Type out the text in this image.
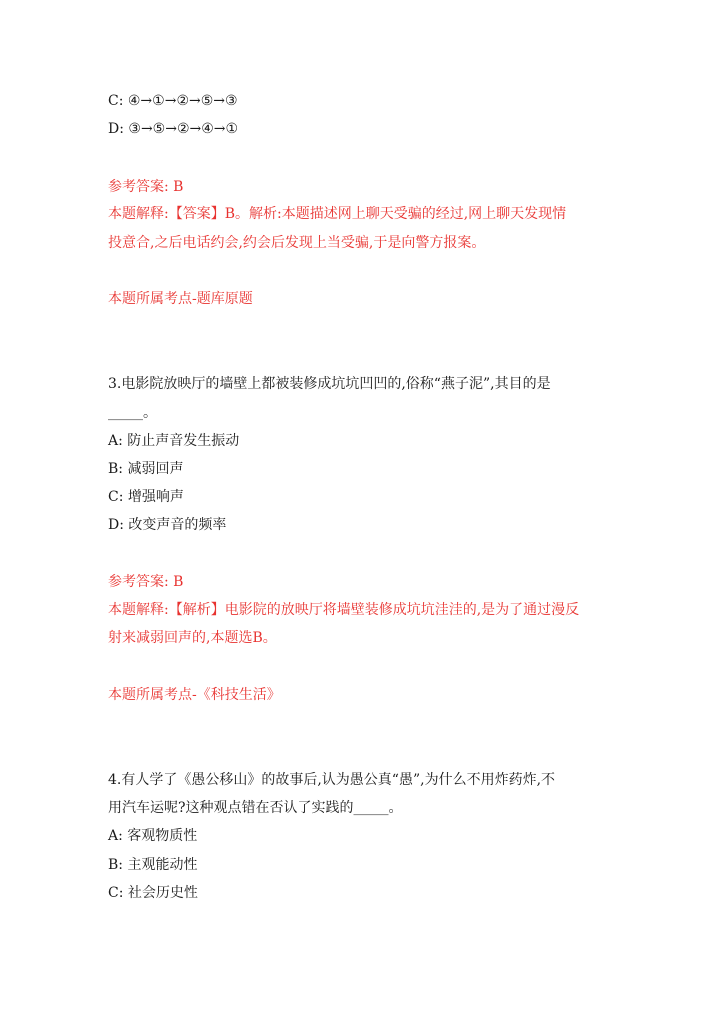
C: ④→①→②→⑤→③
D: ③→⑤→②→④→①
参考答案: B
本题解释:【答案】B。解析:本题描述网上聊天受骗的经过,网上聊天发现情
投意合,之后电话约会,约会后发现上当受骗,于是向警方报案。
本题所属考点-题库原题
3.电影院放映厅的墙壁上都被装修成坑坑凹凹的,俗称“燕子泥”,其目的是
_____。
A: 防止声音发生振动
B: 减弱回声
C: 增强响声
D: 改变声音的频率
参考答案: B
本题解释:【解析】电影院的放映厅将墙壁装修成坑坑洼洼的,是为了通过漫反
射来减弱回声的,本题选B。
本题所属考点-《科技生活》
4.有人学了《愚公移山》的故事后,认为愚公真“愚”,为什么不用炸药炸,不
用汽车运呢?这种观点错在否认了实践的_____。
A: 客观物质性
B: 主观能动性
C: 社会历史性
